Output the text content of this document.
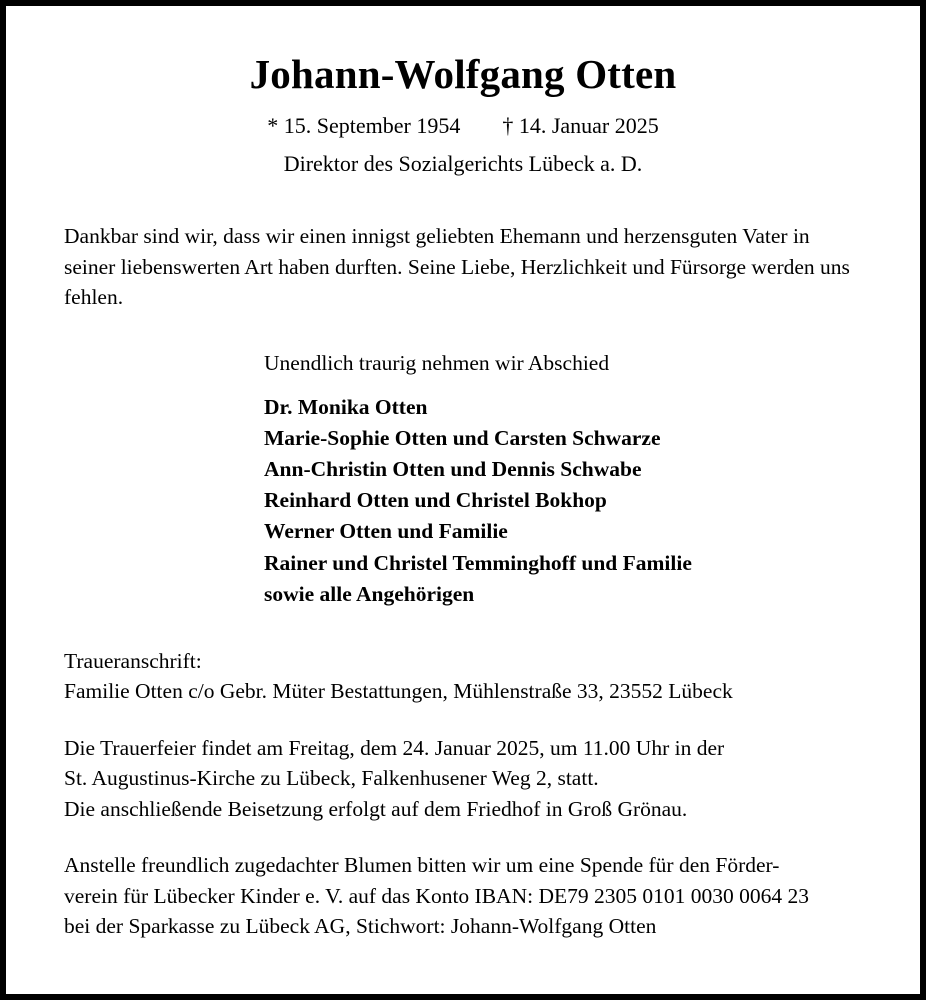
Johann-Wolfgang Otten
* 15. September 1954 † 14. Januar 2025
Direktor des Sozialgerichts Lübeck a. D.
Dankbar sind wir, dass wir einen innigst geliebten Ehemann und herzensguten Vater in seiner liebenswerten Art haben durften. Seine Liebe, Herzlichkeit und Fürsorge werden uns fehlen.
Unendlich traurig nehmen wir Abschied
Dr. Monika Otten
Marie-Sophie Otten und Carsten Schwarze
Ann-Christin Otten und Dennis Schwabe
Reinhard Otten und Christel Bokhop
Werner Otten und Familie
Rainer und Christel Temminghoff und Familie
sowie alle Angehörigen

Traueranschrift:

Familie Otten c/o Gebr. Müter Bestattungen, Mühlenstraße 33, 23552 Lübeck

Die Trauerfeier findet am Freitag, dem 24. Januar 2025, um 11.00 Uhr in der

St. Augustinus-Kirche zu Lübeck, Falkenhusener Weg 2, statt.

Die anschließende Beisetzung erfolgt auf dem Friedhof in Groß Grönau.

Anstelle freundlich zugedachter Blumen bitten wir um eine Spende für den Förder-

verein für Lübecker Kinder e. V. auf das Konto IBAN: DE79 2305 0101 0030 0064 23

bei der Sparkasse zu Lübeck AG, Stichwort: Johann-Wolfgang Otten
